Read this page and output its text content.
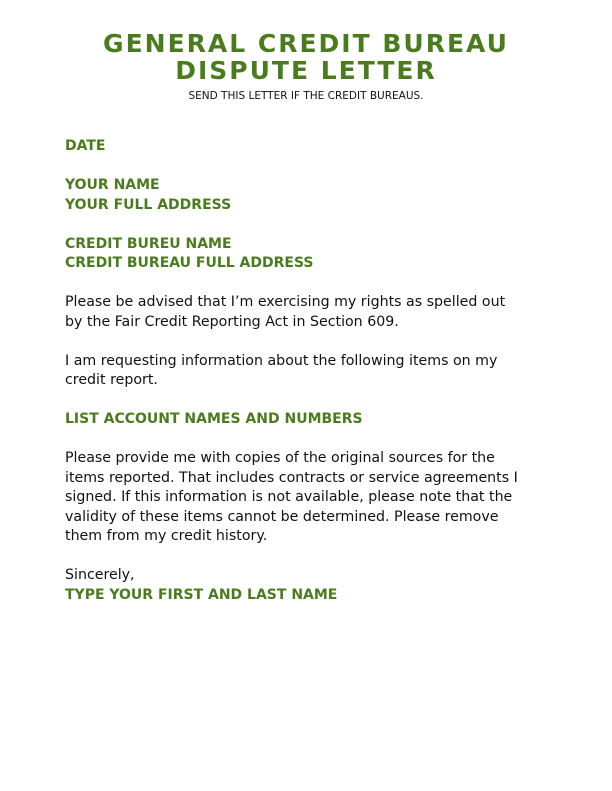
GENERAL CREDIT BUREAU
DISPUTE LETTER
SEND THIS LETTER IF THE CREDIT BUREAUS.
DATE
YOUR NAME
YOUR FULL ADDRESS
CREDIT BUREU NAME
CREDIT BUREAU FULL ADDRESS
Please be advised that I’m exercising my rights as spelled out
by the Fair Credit Reporting Act in Section 609.
I am requesting information about the following items on my
credit report.
LIST ACCOUNT NAMES AND NUMBERS
Please provide me with copies of the original sources for the
items reported. That includes contracts or service agreements I
signed. If this information is not available, please note that the
validity of these items cannot be determined. Please remove
them from my credit history.
Sincerely,
TYPE YOUR FIRST AND LAST NAME
